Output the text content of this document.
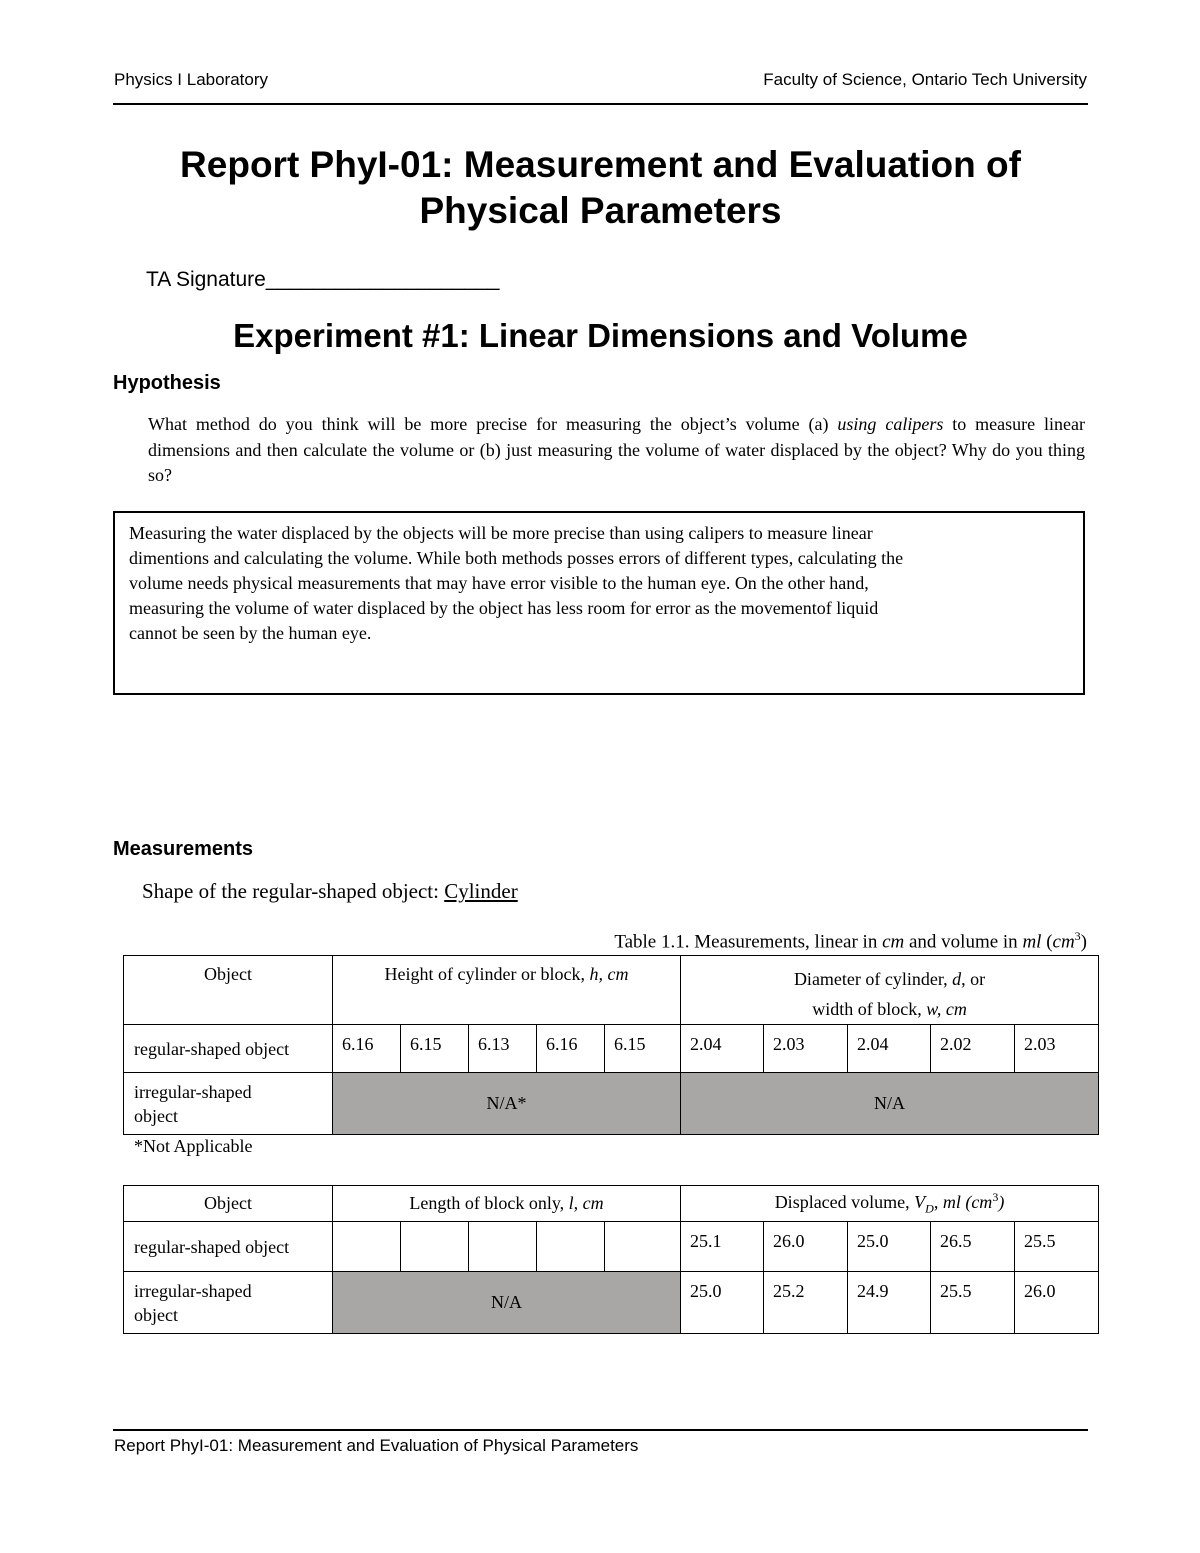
Physics I Laboratory	Faculty of Science, Ontario Tech University
Report PhyI-01: Measurement and Evaluation of
Physical Parameters
TA Signature____________________
Experiment #1: Linear Dimensions and Volume
Hypothesis
What method do you think will be more precise for measuring the object’s volume (a) using calipers to measure linear dimensions and then calculate the volume or (b) just measuring the volume of water displaced by the object? Why do you thing so?
Measuring the water displaced by the objects will be more precise than using calipers to measure linear
dimentions and calculating the volume. While both methods posses errors of different types, calculating the
volume needs physical measurements that may have error visible to the human eye. On the other hand,
measuring the volume of water displaced by the object has less room for error as the movementof liquid
cannot be seen by the human eye.
Measurements
Shape of the regular-shaped object: Cylinder
Table 1.1. Measurements, linear in cm and volume in ml $(cm^3)$
Object	Height of cylinder or block, h, cm					Diameter of cylinder, d, or
width of block, w, cm				

regular-shaped object	6.16	6.15	6.13	6.16	6.15	2.04	2.03	2.04	2.02	2.03

irregular-shaped
object	N/A*					N/A				
*Not Applicable
Object	Length of block only, l, cm					Displaced volume, $V_D$, ml $(cm^3)$				
regular-shaped object						25.1	26.0	25.0	26.5	25.5

irregular-shaped
object	N/A					25.0	25.2	24.9	25.5	26.0
Report PhyI-01: Measurement and Evaluation of Physical Parameters
